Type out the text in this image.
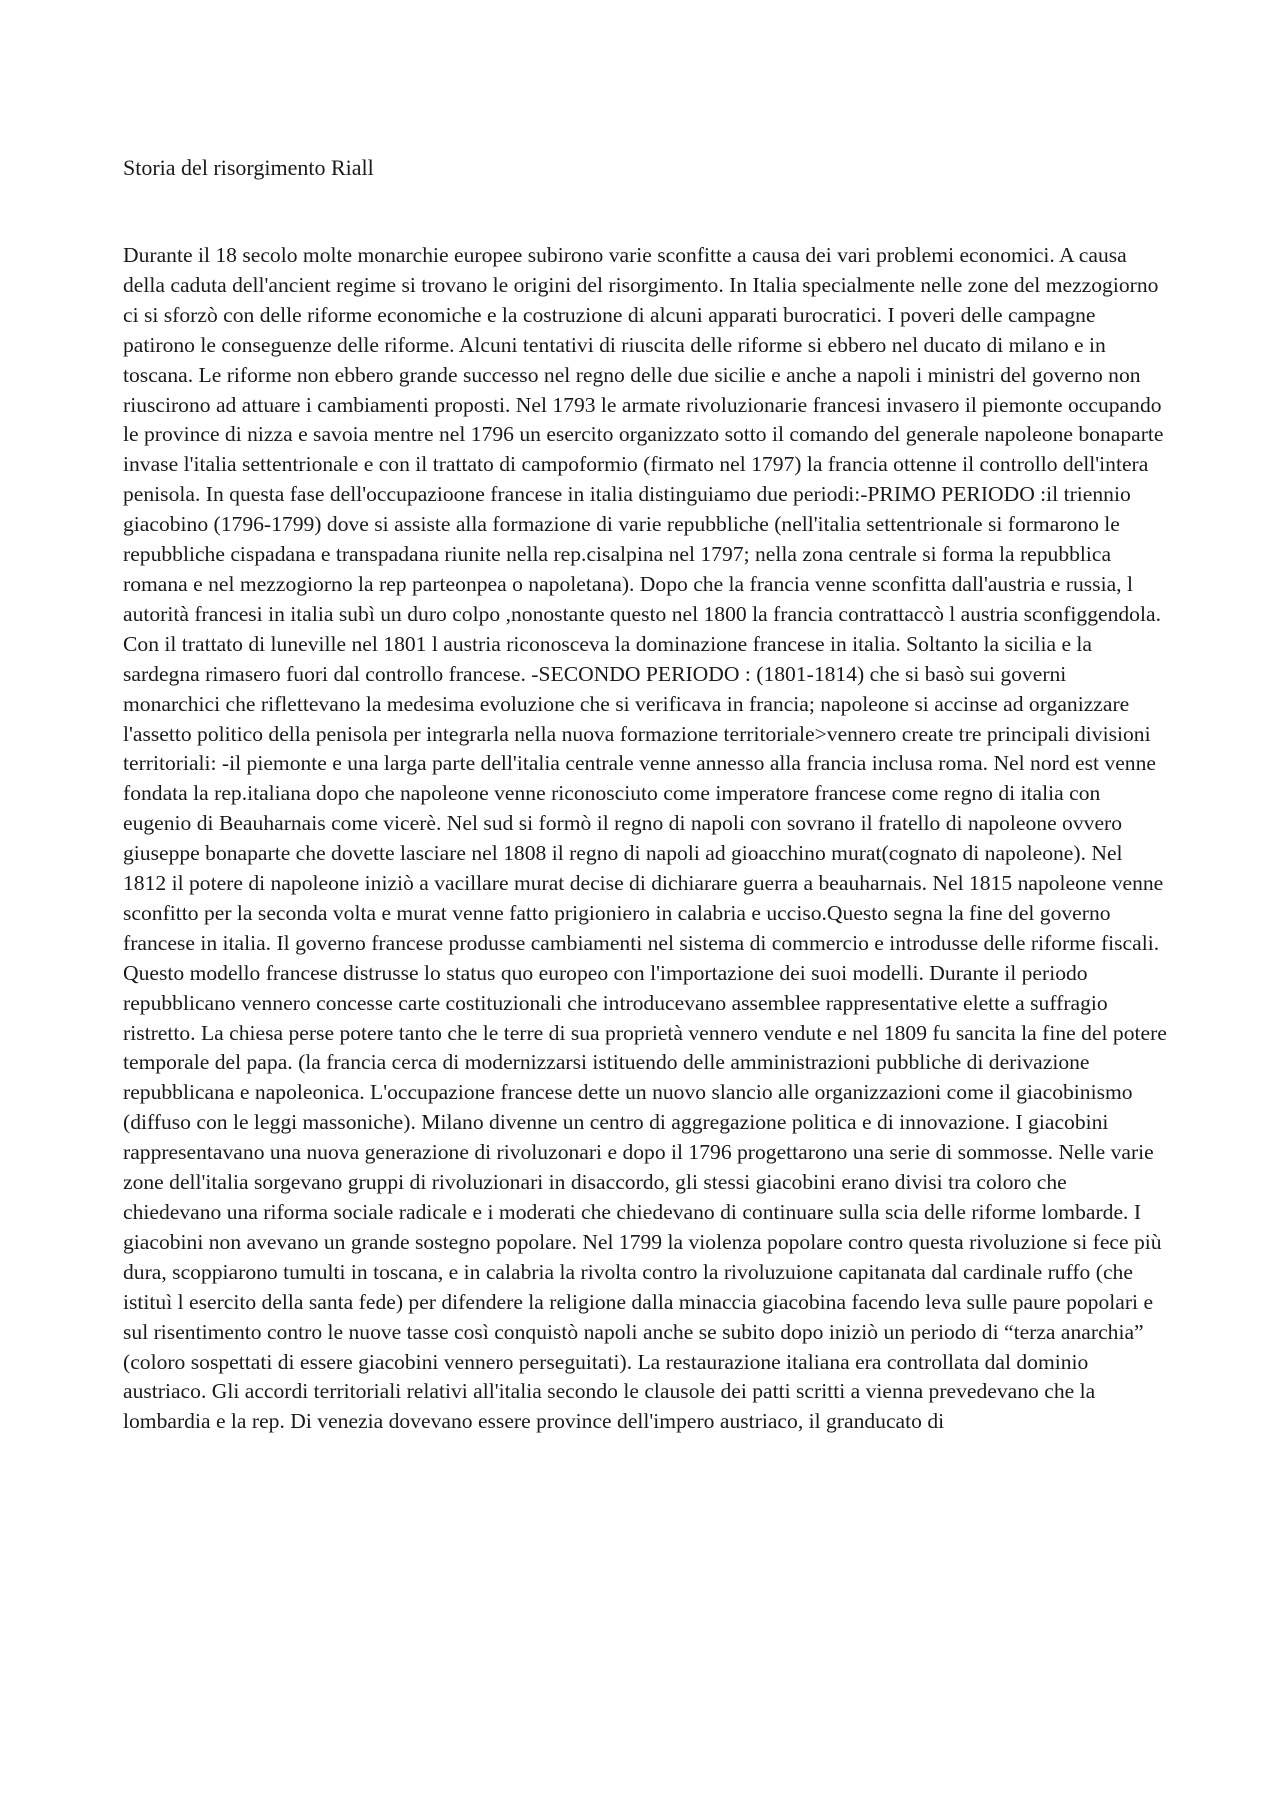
Storia del risorgimento Riall

Durante il 18 secolo molte monarchie europee subirono varie sconfitte a causa dei vari problemi economici. A causa della caduta dell'ancient regime si trovano le origini del risorgimento. In Italia specialmente nelle zone del mezzogiorno ci si sforzò con delle riforme economiche e la costruzione di alcuni apparati burocratici. I poveri delle campagne patirono le conseguenze delle riforme. Alcuni tentativi di riuscita delle riforme si ebbero nel ducato di milano e in toscana. Le riforme non ebbero grande successo nel regno delle due sicilie e anche a napoli i ministri del governo non riuscirono ad attuare i cambiamenti proposti. Nel 1793 le armate rivoluzionarie francesi invasero il piemonte occupando le province di nizza e savoia mentre nel 1796 un esercito organizzato sotto il comando del generale napoleone bonaparte invase l'italia settentrionale e con il trattato di campoformio (firmato nel 1797) la francia ottenne il controllo dell'intera penisola. In questa fase dell'occupazioone francese in italia distinguiamo due periodi:-PRIMO PERIODO :il triennio giacobino (1796-1799) dove si assiste alla formazione di varie repubbliche (nell'italia settentrionale si formarono le repubbliche cispadana e transpadana riunite nella rep.cisalpina nel 1797; nella zona centrale si forma la repubblica romana e nel mezzogiorno la rep parteonpea o napoletana). Dopo che la francia venne sconfitta dall'austria e russia, l autorità francesi in italia subì un duro colpo ,nonostante questo nel 1800 la francia contrattaccò l austria sconfiggendola. Con il trattato di luneville nel 1801 l austria riconosceva la dominazione francese in italia. Soltanto la sicilia e la sardegna rimasero fuori dal controllo francese. -SECONDO PERIODO : (1801-1814) che si basò sui governi monarchici che riflettevano la medesima evoluzione che si verificava in francia; napoleone si accinse ad organizzare l'assetto politico della penisola per integrarla nella nuova formazione territoriale>vennero create tre principali divisioni territoriali: -il piemonte e una larga parte dell'italia centrale venne annesso alla francia inclusa roma. Nel nord est venne fondata la rep.italiana dopo che napoleone venne riconosciuto come imperatore francese come regno di italia con eugenio di Beauharnais come vicerè. Nel sud si formò il regno di napoli con sovrano il fratello di napoleone ovvero giuseppe bonaparte che dovette lasciare nel 1808 il regno di napoli ad gioacchino murat(cognato di napoleone). Nel 1812 il potere di napoleone iniziò a vacillare murat decise di dichiarare guerra a beauharnais. Nel 1815 napoleone venne sconfitto per la seconda volta e murat venne fatto prigioniero in calabria e ucciso.Questo segna la fine del governo francese in italia. Il governo francese produsse cambiamenti nel sistema di commercio e introdusse delle riforme fiscali. Questo modello francese distrusse lo status quo europeo con l'importazione dei suoi modelli. Durante il periodo repubblicano vennero concesse carte costituzionali che introducevano assemblee rappresentative elette a suffragio ristretto. La chiesa perse potere tanto che le terre di sua proprietà vennero vendute e nel 1809 fu sancita la fine del potere temporale del papa. (la francia cerca di modernizzarsi istituendo delle amministrazioni pubbliche di derivazione repubblicana e napoleonica. L'occupazione francese dette un nuovo slancio alle organizzazioni come il giacobinismo (diffuso con le leggi massoniche). Milano divenne un centro di aggregazione politica e di innovazione. I giacobini rappresentavano una nuova generazione di rivoluzonari e dopo il 1796 progettarono una serie di sommosse. Nelle varie zone dell'italia sorgevano gruppi di rivoluzionari in disaccordo, gli stessi giacobini erano divisi tra coloro che chiedevano una riforma sociale radicale e i moderati che chiedevano di continuare sulla scia delle riforme lombarde. I giacobini non avevano un grande sostegno popolare. Nel 1799 la violenza popolare contro questa rivoluzione si fece più dura, scoppiarono tumulti in toscana, e in calabria la rivolta contro la rivoluzuione capitanata dal cardinale ruffo (che istituì l esercito della santa fede) per difendere la religione dalla minaccia giacobina facendo leva sulle paure popolari e sul risentimento contro le nuove tasse così conquistò napoli anche se subito dopo iniziò un periodo di “terza anarchia” (coloro sospettati di essere giacobini vennero perseguitati). La restaurazione italiana era controllata dal dominio austriaco. Gli accordi territoriali relativi all'italia secondo le clausole dei patti scritti a vienna prevedevano che la lombardia e la rep. Di venezia dovevano essere province dell'impero austriaco, il granducato di
